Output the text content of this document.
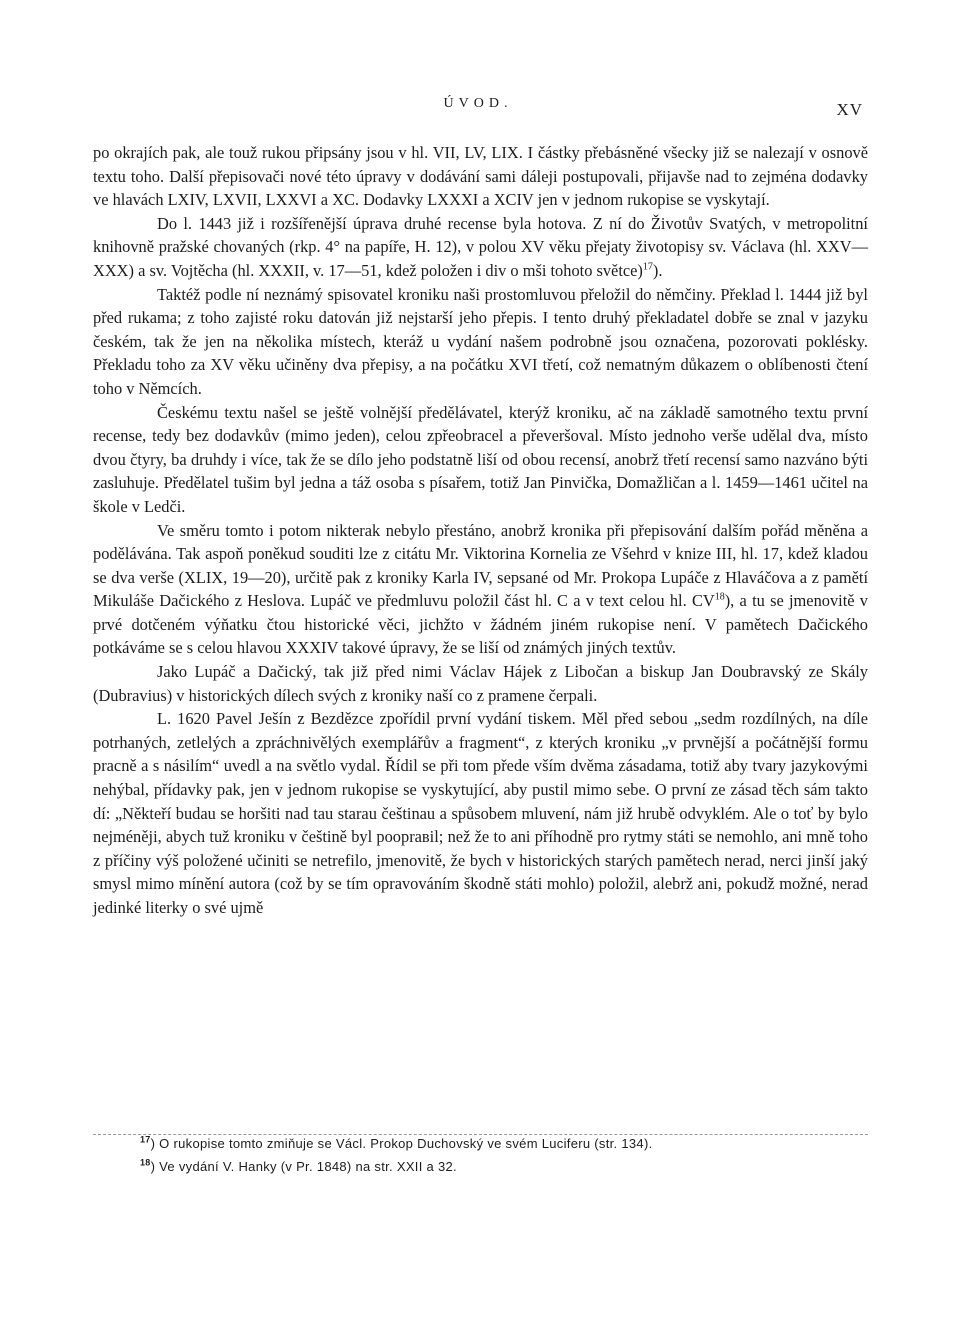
ÚVOD.	XV

po okrajích pak, ale touž rukou připsány jsou v hl. VII, LV, LIX. I částky přebásněné všecky již se nalezají v osnově textu toho. Další přepisovači nové této úpravy v dodávání sami dáleji postupovali, přijavše nad to zejména dodavky ve hlavách LXIV, LXVII, LXXVI a XC. Dodavky LXXXI a XCIV jen v jednom rukopise se vyskytají.

Do l. 1443 již i rozšířenější úprava druhé recense byla hotova. Z ní do Životův Svatých, v metropolitní knihovně pražské chovaných (rkp. 4° na papíře, H. 12), v polou XV věku přejaty životopisy sv. Václava (hl. XXV—XXX) a sv. Vojtěcha (hl. XXXII, v. 17—51, kdež položen i div o mši tohoto světce)$^{17}$).

Taktéž podle ní neznámý spisovatel kroniku naši prostomluvou přeložil do němčiny. Překlad l. 1444 již byl před rukama; z toho zajisté roku datován již nejstarší jeho přepis. I tento druhý překladatel dobře se znal v jazyku českém, tak že jen na několika místech, kteráž u vydání našem podrobně jsou označena, pozorovati poklésky. Překladu toho za XV věku učiněny dva přepisy, a na počátku XVI třetí, což nematným důkazem o oblíbenosti čtení toho v Němcích.

Českému textu našel se ještě volnější předělávatel, kterýž kroniku, ač na základě samotného textu první recense, tedy bez dodavkův (mimo jeden), celou zpřeobracel a převeršoval. Místo jednoho verše udělal dva, místo dvou čtyry, ba druhdy i více, tak že se dílo jeho podstatně liší od obou recensí, anobrž třetí recensí samo nazváno býti zasluhuje. Předělatel tušim byl jedna a táž osoba s písařem, totiž Jan Pinvička, Domažličan a l. 1459—1461 učitel na škole v Ledči.

Ve směru tomto i potom nikterak nebylo přestáno, anobrž kronika při přepisování dalším pořád měněna a podělávána. Tak aspoň poněkud souditi lze z citátu Mr. Viktorina Kornelia ze Všehrd v knize III, hl. 17, kdež kladou se dva verše (XLIX, 19—20), určitě pak z kroniky Karla IV, sepsané od Mr. Prokopa Lupáče z Hlaváčova a z pamětí Mikuláše Dačického z Heslova. Lupáč ve předmluvu položil část hl. C a v text celou hl. CV$^{18}$), a tu se jmenovitě v prvé dotčeném výňatku čtou historické věci, jichžto v žádném jiném rukopise není. V pamětech Dačického potkáváme se s celou hlavou XXXIV takové úpravy, že se liší od známých jiných textův.

Jako Lupáč a Dačický, tak již před nimi Václav Hájek z Libočan a biskup Jan Doubravský ze Skály (Dubravius) v historických dílech svých z kroniky naší co z pramene čerpali.

L. 1620 Pavel Ješín z Bezdězce zpořídil první vydání tiskem. Měl před sebou „sedm rozdílných, na díle potrhaných, zetlelých a zpráchnivělých exemplářův a fragment“, z kterých kroniku „v prvnější a počátnější formu pracně a s násilím“ uvedl a na světlo vydal. Řídil se při tom přede vším dvěma zásadama, totiž aby tvary jazykovými nehýbal, přídavky pak, jen v jednom rukopise se vyskytující, aby pustil mimo sebe. O první ze zásad těch sám takto dí: „Někteří budau se horšiti nad tau starau češtinau a spůsobem mluvení, nám již hrubě odvyklém. Ale o toť by bylo nejméněji, abych tuž kroniku v češtině byl pooprавil; než že to ani příhodně pro rytmy státi se nemohlo, ani mně toho z příčiny výš položené učiniti se netrefilo, jmenovitě, že bych v historických starých pamětech nerad, nerci jinší jaký smysl mimo mínění autora (což by se tím opravováním škodně státi mohlo) položil, alebrž ani, pokudž možné, nerad jedinké literky o své ujmě

$^{17}$) O rukopise tomto zmiňuje se Václ. Prokop Duchovský ve svém Luciferu (str. 134).
$^{18}$) Ve vydání V. Hanky (v Pr. 1848) na str. XXII a 32.
